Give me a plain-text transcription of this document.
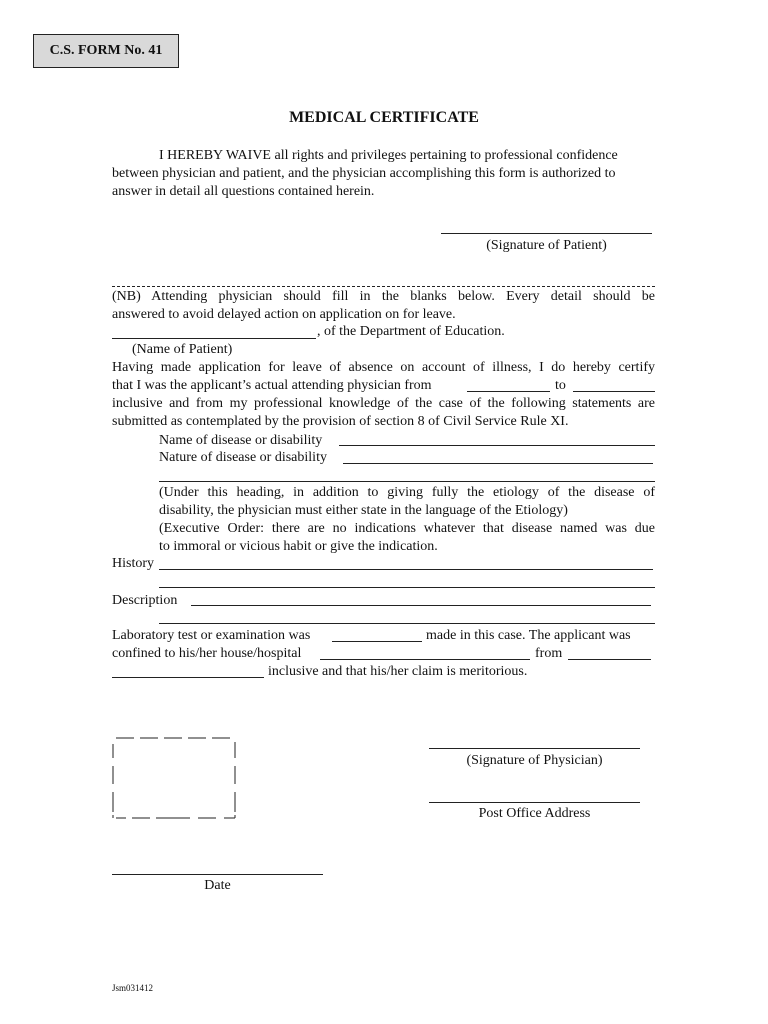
C.S. FORM No. 41
MEDICAL CERTIFICATE
I HEREBY WAIVE all rights and privileges pertaining to professional confidence
between physician and patient, and the physician accomplishing this form is authorized to
answer in detail all questions contained herein.
(Signature of Patient)
(NB) Attending physician should fill in the blanks below. Every detail should be
answered to avoid delayed action on application on for leave.
, of the Department of Education.
(Name of Patient)
Having made application for leave of absence on account of illness, I do hereby certify
that I was the applicant’s actual attending physician from	to
inclusive and from my professional knowledge of the case of the following statements are
submitted as contemplated by the provision of section 8 of Civil Service Rule XI.
Name of disease or disability
Nature of disease or disability
(Under this heading, in addition to giving fully the etiology of the disease of
disability, the physician must either state in the language of the Etiology)
(Executive Order: there are no indications whatever that disease named was due
to immoral or vicious habit or give the indication.
History
Description
Laboratory test or examination was	made in this case. The applicant was
confined to his/her house/hospital	from
inclusive and that his/her claim is meritorious.
(Signature of Physician)
Post Office Address
Date
Jsm031412
